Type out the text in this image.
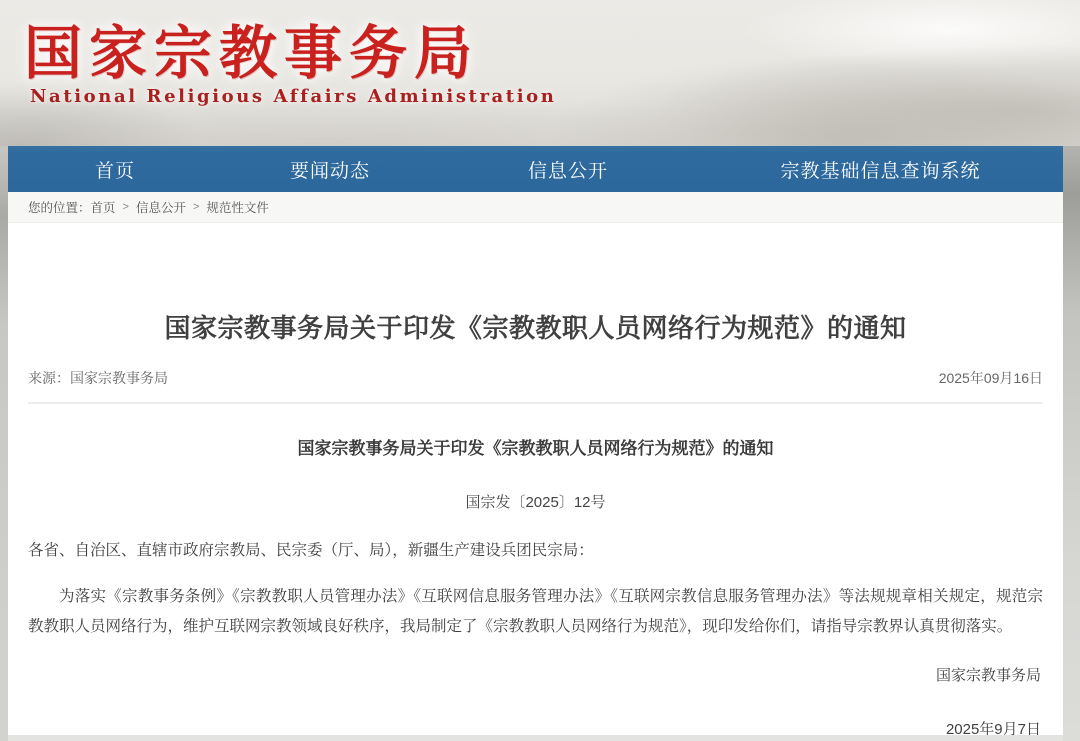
国家宗教事务局
National Religious Affairs Administration
首页	要闻动态	信息公开	宗教基础信息查询系统
您的位置： 首页 > 信息公开 > 规范性文件
国家宗教事务局关于印发《宗教教职人员网络行为规范》的通知
来源：国家宗教事务局	2025年09月16日
国家宗教事务局关于印发《宗教教职人员网络行为规范》的通知
国宗发〔2025〕12号
各省、自治区、直辖市政府宗教局、民宗委（厅、局），新疆生产建设兵团民宗局：

为落实《宗教事务条例》《宗教教职人员管理办法》《互联网信息服务管理办法》《互联网宗教信息服务管理办法》等法规规章相关规定，规范宗教教职人员网络行为，维护互联网宗教领域良好秩序，我局制定了《宗教教职人员网络行为规范》，现印发给你们，请指导宗教界认真贯彻落实。

国家宗教事务局
2025年9月7日
